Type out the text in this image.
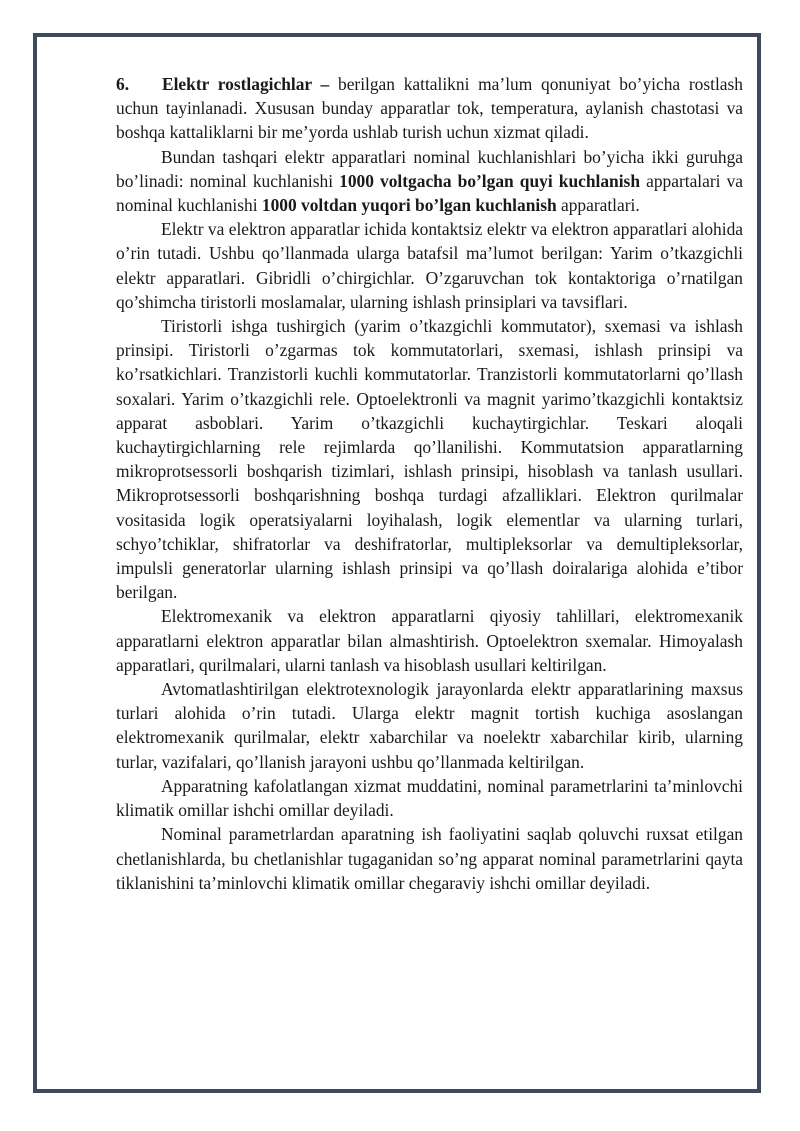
6. Elektr rostlagichlar – berilgan kattalikni ma’lum qonuniyat bo’yicha rostlash uchun tayinlanadi. Xususan bunday apparatlar tok, temperatura, aylanish chastotasi va boshqa kattaliklarni bir me’yorda ushlab turish uchun xizmat qiladi.

Bundan tashqari elektr apparatlari nominal kuchlanishlari bo’yicha ikki guruhga bo’linadi: nominal kuchlanishi 1000 voltgacha bo’lgan quyi kuchlanish appartalari va nominal kuchlanishi 1000 voltdan yuqori bo’lgan kuchlanish apparatlari.

Elektr va elektron apparatlar ichida kontaktsiz elektr va elektron apparatlari alohida o’rin tutadi. Ushbu qo’llanmada ularga batafsil ma’lumot berilgan: Yarim o’tkazgichli elektr apparatlari. Gibridli o’chirgichlar. O’zgaruvchan tok kontaktoriga o’rnatilgan qo’shimcha tiristorli moslamalar, ularning ishlash prinsiplari va tavsiflari.

Tiristorli ishga tushirgich (yarim o’tkazgichli kommutator), sxemasi va ishlash prinsipi. Tiristorli o’zgarmas tok kommutatorlari, sxemasi, ishlash prinsipi va ko’rsatkichlari. Tranzistorli kuchli kommutatorlar. Tranzistorli kommutatorlarni qo’llash soxalari. Yarim o’tkazgichli rele. Optoelektronli va magnit yarimo’tkazgichli kontaktsiz apparat asboblari. Yarim o’tkazgichli kuchaytirgichlar. Teskari aloqali kuchaytirgichlarning rele rejimlarda qo’llanilishi. Kommutatsion apparatlarning mikroprotsessorli boshqarish tizimlari, ishlash prinsipi, hisoblash va tanlash usullari. Mikroprotsessorli boshqarishning boshqa turdagi afzalliklari. Elektron qurilmalar vositasida logik operatsiyalarni loyihalash, logik elementlar va ularning turlari, schyo’tchiklar, shifratorlar va deshifratorlar, multipleksorlar va demultipleksorlar, impulsli generatorlar ularning ishlash prinsipi va qo’llash doiralariga alohida e’tibor berilgan.

Elektromexanik va elektron apparatlarni qiyosiy tahlillari, elektromexanik apparatlarni elektron apparatlar bilan almashtirish. Optoelektron sxemalar. Himoyalash apparatlari, qurilmalari, ularni tanlash va hisoblash usullari keltirilgan.

Avtomatlashtirilgan elektrotexnologik jarayonlarda elektr apparatlarining maxsus turlari alohida o’rin tutadi. Ularga elektr magnit tortish kuchiga asoslangan elektromexanik qurilmalar, elektr xabarchilar va noelektr xabarchilar kirib, ularning turlar, vazifalari, qo’llanish jarayoni ushbu qo’llanmada keltirilgan.

Apparatning kafolatlangan xizmat muddatini, nominal parametrlarini ta’minlovchi klimatik omillar ishchi omillar deyiladi.

Nominal parametrlardan aparatning ish faoliyatini saqlab qoluvchi ruxsat etilgan chetlanishlarda, bu chetlanishlar tugaganidan so’ng apparat nominal parametrlarini qayta tiklanishini ta’minlovchi klimatik omillar chegaraviy ishchi omillar deyiladi.
